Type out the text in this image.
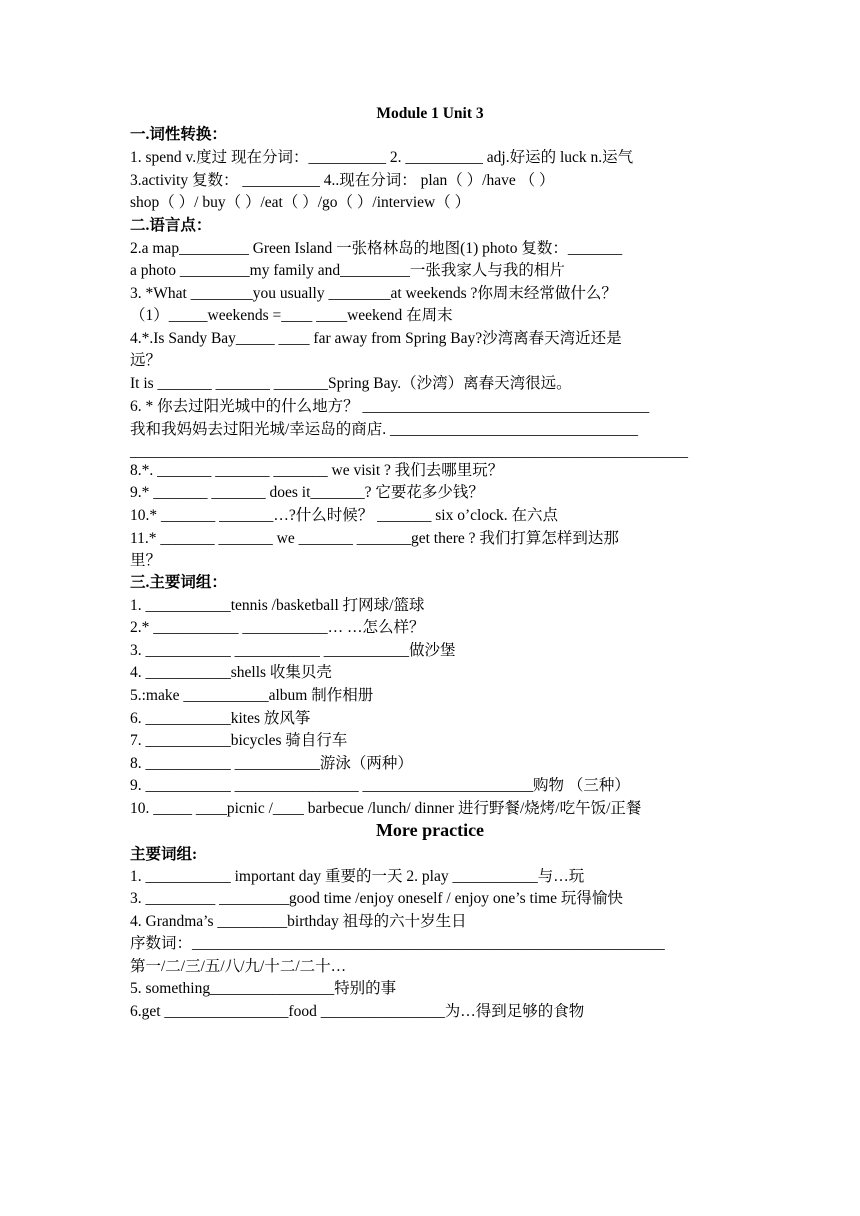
Module 1 Unit 3
一.词性转换：
1. spend v.度过 现在分词：__________ 2. __________ adj.好运的 luck n.运气
3.activity 复数： __________ 4..现在分词： plan（ ）/have （ ）
shop（ ）/ buy（ ）/eat（ ）/go（ ）/interview（ ）
二.语言点：
2.a map_________ Green Island 一张格林岛的地图(1) photo 复数：_______
a photo _________my family and_________一张我家人与我的相片
3. *What ________you usually ________at weekends ?你周末经常做什么？
（1）_____weekends =____ ____weekend 在周末
4.*.Is Sandy Bay_____ ____ far away from Spring Bay?沙湾离春天湾近还是
远？
It is _______ _______ _______Spring Bay.（沙湾）离春天湾很远。
6. * 你去过阳光城中的什么地方？ _____________________________________
我和我妈妈去过阳光城/幸运岛的商店. ________________________________
________________________________________________________________________
8.*. _______ _______ _______ we visit ? 我们去哪里玩？
9.* _______ _______ does it_______? 它要花多少钱？
10.* _______ _______…?什么时候？ _______ six o’clock. 在六点
11.* _______ _______ we _______ _______get there ? 我们打算怎样到达那
里？
三.主要词组：
1. ___________tennis /basketball 打网球/篮球
2.* ___________ ___________… …怎么样？
3. ___________ ___________ ___________做沙堡
4. ___________shells 收集贝壳
5.:make ___________album 制作相册
6. ___________kites 放风筝
7. ___________bicycles 骑自行车
8. ___________ ___________游泳（两种）
9. ___________ ________________ ______________________购物 （三种）
10. _____ ____picnic /____ barbecue /lunch/ dinner 进行野餐/烧烤/吃午饭/正餐
More practice
主要词组:
1. ___________ important day 重要的一天 2. play ___________与…玩
3. _________ _________good time /enjoy oneself / enjoy one’s time 玩得愉快
4. Grandma’s _________birthday 祖母的六十岁生日
序数词：_____________________________________________________________
第一/二/三/五/八/九/十二/二十…
5. something________________特别的事
6.get ________________food ________________为…得到足够的食物
